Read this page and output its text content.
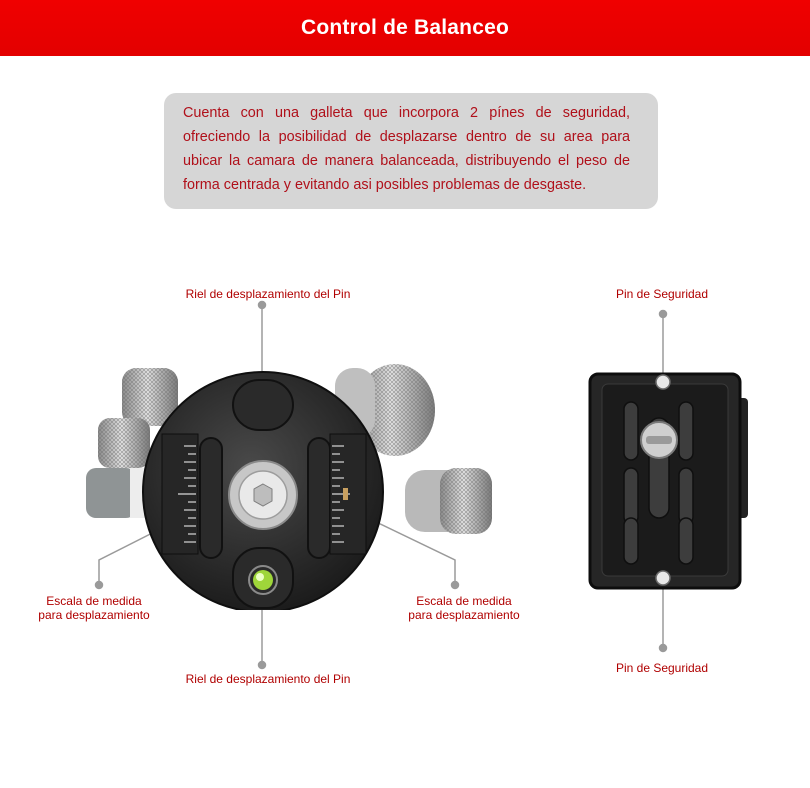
Control de Balanceo

Cuenta con una galleta que incorpora 2 pínes de seguridad, ofreciendo la posibilidad de desplazarse dentro de su area para ubicar la camara de manera balanceada, distribuyendo el peso de forma centrada y evitando asi posibles problemas de desgaste.

Riel de desplazamiento del Pin
Riel de desplazamiento del Pin
Escala de medida
para desplazamiento
Escala de medida
para desplazamiento
Pin de Seguridad
Pin de Seguridad
